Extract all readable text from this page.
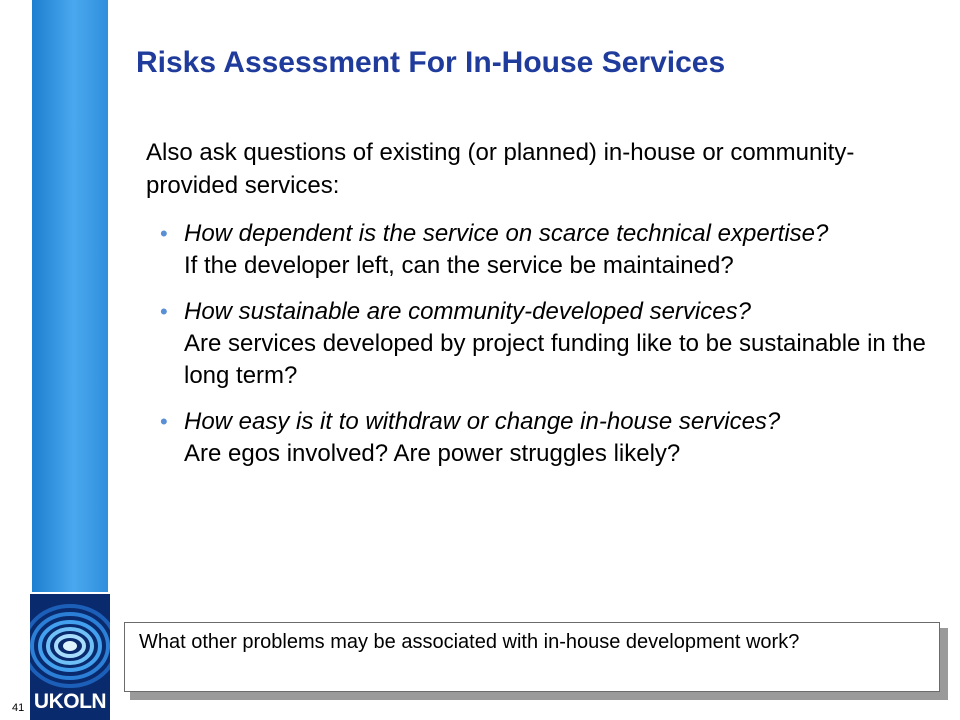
UKOLN
41
Risks Assessment For In-House Services

Also ask questions of existing (or planned) in-house or community-provided services:

• How dependent is the service on scarce technical expertise?
If the developer left, can the service be maintained?
• How sustainable are community-developed services?
Are services developed by project funding like to be sustainable in the long term?
• How easy is it to withdraw or change in-house services?
Are egos involved? Are power struggles likely?
What other problems may be associated with in-house development work?
